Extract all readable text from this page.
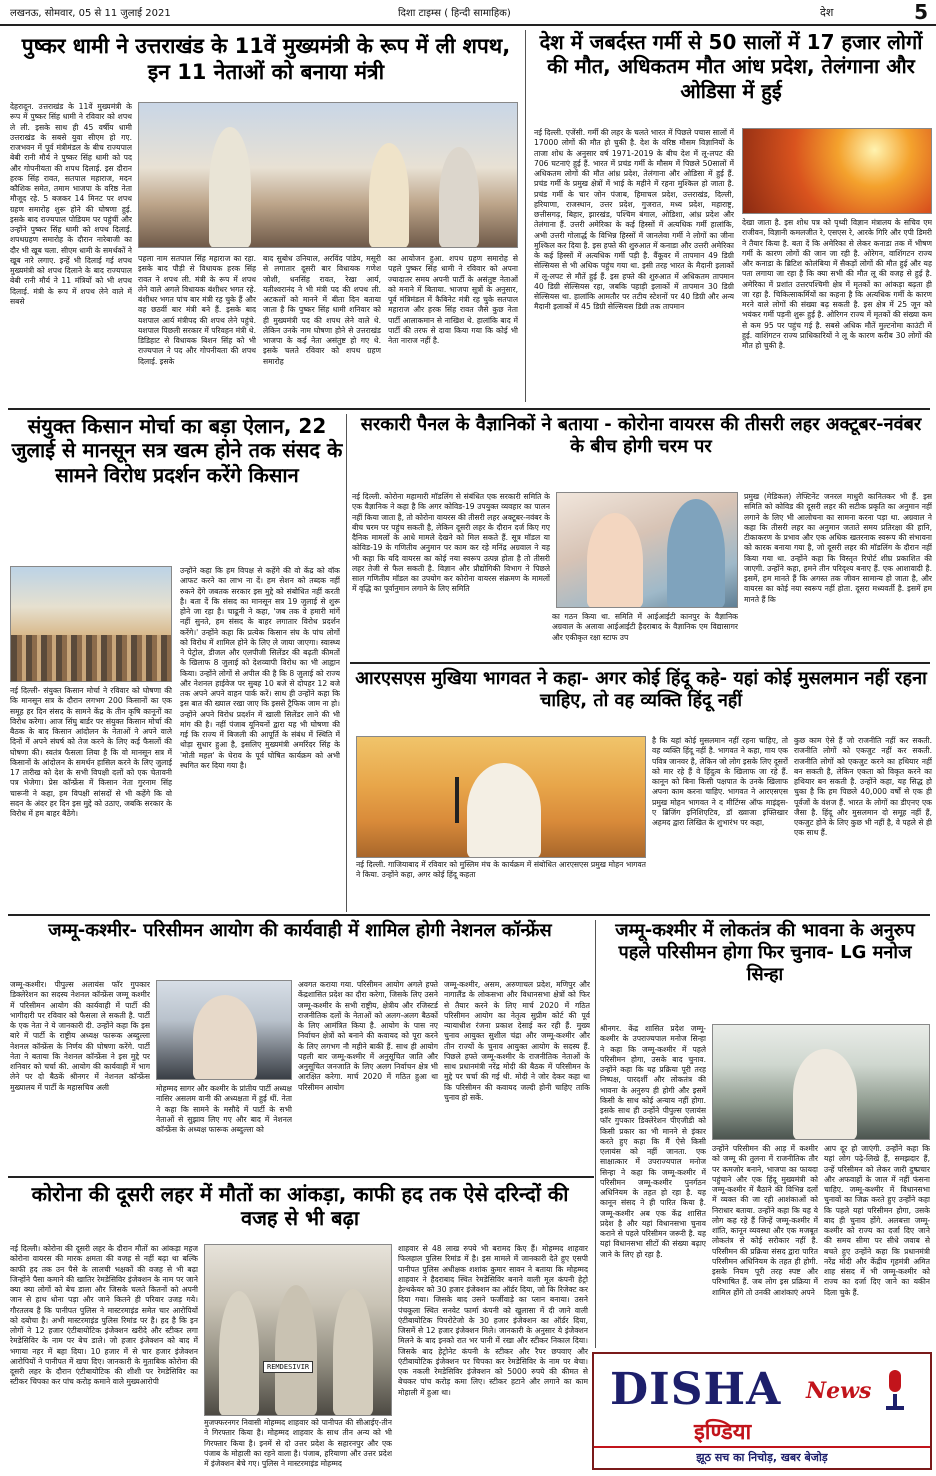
लखनऊ, सोमवार, 05 से 11 जुलाई 2021	दिशा टाइम्स ( हिन्दी सामाहिक)	देश	5
पुष्कर धामी ने उत्तराखंड के 11वें मुख्यमंत्री के रूप में ली शपथ, इन 11 नेताओं को बनाया मंत्री
देहरादून. उत्तराखंड के 11वें मुख्यमंत्री के रूप में पुष्कर सिंह धामी ने रविवार को शपथ ले ली. इसके साथ ही 45 वर्षीय धामी उत्तराखंड के सबसे युवा सीएम हो गए. राजभवन में पूर्व मंत्रीमंडल के बीच राज्यपाल बेबी रानी मौर्य ने पुष्कर सिंह धामी को पद और गोपनीयता की शपथ दिलाई. इस दौरान हरक सिंह रावत, सतपाल महाराज, मदन कौशिक समेत, तमाम भाजपा के वरिष्ठ नेता मौजूद रहे. 5 बजकर 14 मिनट पर शपथ ग्रहण समारोह शुरू होने की घोषणा हुई. इसके बाद राज्यपाल पोडियम पर पहुंचीं और उन्होंने पुष्कर सिंह धामी को शपथ दिलाई. शपथग्रहण समारोह के दौरान नारेबाजी का दौर भी खूब चला. सीएम धामी के समर्थकों ने खूब नारे लगाए. इन्हें भी दिलाई गई शपथ मुख्यमंत्री को शपथ दिलाने के बाद राज्यपाल बेबी रानी मौर्य ने 11 मंत्रियों को भी शपथ दिलाई. मंत्री के रूप में शपथ लेने वाले में सबसे
पहला नाम सतपाल सिंह महाराज का रहा. इसके बाद पौड़ी से विधायक हरक सिंह रावत ने शपथ ली. मंत्री के रूप में शपथ लेने वाले अगले विधायक बंशीधर भगत रहे. बंशीधर भगत पांच बार मंत्री रह चुके हैं और वह छठवीं बार मंत्री बने हैं. इसके बाद यशपाल आर्य मंत्रीपद की शपथ लेने पहुंचे. यशपाल पिछली सरकार में परिवहन मंत्री थे. डिडिहाट से विधायक बिशन सिंह को भी राज्यपाल ने पद और गोपनीयता की शपथ दिलाई. इसके
बाद सुबोध उनियाल, अरविंद पांडेय, मसूरी से लगातार दूसरी बार विधायक गणेश जोशी, धनसिंह रावत, रेखा आर्य, यतीश्वरानंद ने भी मंत्री पद की शपथ ली. अटकलों को मानने में बीता दिन बताया जाता है कि पुष्कर सिंह धामी शनिवार को ही मुख्यमंत्री पद की शपथ लेने वाले थे. लेकिन उनके नाम घोषणा होने से उत्तराखंड भाजपा के कई नेता असंतुष्ट हो गए थे. इसके चलते रविवार को शपथ ग्रहण समारोह
का आयोजन हुआ. शपथ ग्रहण समारोह से पहले पुष्कर सिंह धामी ने रविवार को अपना ज्यादातर समय अपनी पार्टी के असंतुष्ट नेताओं को मनाने में बिताया. भाजपा सूत्रों के अनुसार, पूर्व मंत्रिमंडल में कैबिनेट मंत्री रह चुके सतपाल महाराज और हरक सिंह रावत जैसे कुछ नेता पार्टी आलाकमान से नाखिश थे. हालांकि बाद में पार्टी की तरफ से दावा किया गया कि कोई भी नेता नाराज नहीं है.
देश में जबर्दस्त गर्मी से 50 सालों में 17 हजार लोगों की मौत, अधिकतम मौत आंध प्रदेश, तेलंगाना और ओडिसा में हुई
नई दिल्ली. एजेंसी. गर्मी की लहर के चलते भारत में पिछले पचास सालों में 17000 लोगों की मौत हो चुकी है. देश के वरिष्ठ मौसम विज्ञानियों के ताजा शोध के अनुसार वर्ष 1971-2019 के बीच देश में लू-लपट की 706 घटनाएं हुई हैं. भारत में प्रचंड गर्मी के मौसम में पिछले 50सालों में अधिकतम लोगों की मौत आंध्र प्रदेश, तेलंगाना और ओडिसा में हुई हैं. प्रचंड गर्मी के प्रमुख क्षेत्रों में भाई के महीने में रहना मुश्किल हो जाता है. प्रचंड गर्मी के चार जोन पंजाब, हिमाचल प्रदेश, उत्तराखंड, दिल्ली, हरियाणा, राजस्थान, उत्तर प्रदेश, गुजरात, मध्य प्रदेश, महाराष्ट्र, छत्तीसगढ़, बिहार, झारखंड, पश्चिम बंगाल, ओडिशा, आंध्र प्रदेश और तेलंगाना हैं. उत्तरी अमेरिका के कई हिस्सों में अत्यधिक गर्मी हालांकि, अभी उत्तरी गोलार्द्ध के विभिन्न हिस्सों में जानलेवा गर्मी ने लोगों का जीना मुश्किल कर दिया है. इस हफ्ते की शुरुआत में कनाडा और उत्तरी अमेरिका के कई हिस्सों में अत्यधिक गर्मी पड़ी है. वैंकूवर में तापमान 49 डिग्री सेल्सियस से भी अधिक पहुंच गया था. इसी तरह भारत के मैदानी इलाकों में लू-लपट से मौतें हुई हैं. इस हफ्ते की शुरुआत में अधिकतम तापमान 40 डिग्री सेल्सियस रहा, जबकि पहाड़ी इलाकों में तापमान 30 डिग्री सेल्सियस था. हालांकि आमतौर पर तटीय स्टेशनों पर 40 डिग्री और अन्य मैदानी इलाकों में 45 डिग्री सेल्सियस डिग्री तक तापमान
देखा जाता है. इस शोध पत्र को पृथ्वी विज्ञान मंत्रालय के सचिव एम राजीवन, विज्ञानी कमलजीत रे, एसएस रे, आरके गिरि और एपी डिमरी ने तैयार किया है. बता दें कि अमेरिका से लेकर कनाडा तक में भीषण गर्मी के कारण लोगों की जान जा रही है. ओरेगन, वाशिंगटन राज्य और कनाडा के ब्रिटिश कोलंबिया में सैकड़ों लोगों की मौत हुई और यह पता लगाया जा रहा है कि क्या सभी की मौत लू की वजह से हुई है. अमेरिका में प्रशांत उत्तरपश्चिमी क्षेत्र में मृतकों का आंकड़ा बढ़ता ही जा रहा है. चिकित्साकर्मियों का कहना है कि अत्यधिक गर्मी के कारण मरने वाले लोगों की संख्या बढ़ सकती है. इस क्षेत्र में 25 जून को भयंकर गर्मी पड़नी शुरू हुई है. ओरिगन राज्य में मृतकों की संख्या कम से कम 95 पर पहुंच गई है. सबसे अधिक मौतें मुल्टनोमा काउंटी में हुई. वाशिंगटन राज्य प्राधिकारियों ने लू के कारण करीब 30 लोगों की मौत हो चुकी है.
संयुक्त किसान मोर्चा का बड़ा ऐलान, 22 जुलाई से मानसून सत्र खत्म होने तक संसद के सामने विरोध प्रदर्शन करेंगे किसान
नई दिल्ली- संयुक्त किसान मोर्चा ने रविवार को घोषणा की कि मानसून सत्र के दौरान लगभग 200 किसानों का एक समूह हर दिन संसद के सामने केंद्र के तीन कृषि कानूनों का विरोध करेगा। आज सिंघु बार्डर पर संयुक्त किसान मोर्चा की बैठक के बाद किसान आंदोलन के नेताओं ने अपने वाले दिनों में अपने संघर्ष को तेज करने के लिए कई फैसलों की घोषणा की। स्वतंत्र फैसला लिया है कि वो मानसून सत्र में किसानों के आंदोलन के समर्थन हासिल करने के लिए जुलाई 17 तारीख को देश के सभी विपक्षी दलों को एक चेतावनी पत्र भेजेगा। प्रेस कॉन्फ्रेंस में किसान नेता गुरनाम सिंह चारूनी ने कहा, हम विपक्षी सांसदों से भी कहेंगे कि वो सदन के अंदर हर दिन इस मुद्दे को उठाए, जबकि सरकार के विरोध में हम बाहर बैठेंगे।
उन्होंने कहा कि हम विपक्ष से कहेंगे की वो केंद्र को वॉक आफट करने का लाभ ना दें। हम सेशन को तब्दक नहीं रुकने देंगे जबतक सरकार इस मुद्दे को संबोधित नहीं करती है। बता दें कि संसद का मानसून सत्र 19 जुलाई से शुरू होने जा रहा है। चाढूनी ने कहा, 'जब तक वे हमारी मांगें नहीं सुनते, हम संसद के बाहर लगातार विरोध प्रदर्शन करेंगे।' उन्होंने कहा कि प्रत्येक किसान संघ के पांच लोगों को विरोध में शामिल होने के लिए ले जाया जाएगा। स्वास्थ्य ने पेट्रोल, डीजल और एलपीजी सिलेंडर की बढ़ती कीमतों के खिलाफ 8 जुलाई को देशव्यापी विरोध का भी आह्वान किया। उन्होंने लोगों से अपील की है कि 8 जुलाई को राज्य और नेशनल हाईवेज पर सुबह 10 बजे से दोपहर 12 बजे तक अपने अपने वाहन पार्क करें। साथ ही उन्होंने कहा कि इस बात की ख्याल रखा जाए कि इससे ट्रैफिक जाम ना हो। उन्होंने अपने विरोध प्रदर्शन में खाली सिलेंडर लाने की भी मांग की है। नहीं पंजाब यूनियनों द्वारा यह भी घोषणा की गई कि राज्य में बिजली की आपूर्ति के संबंध में स्थिति में थोड़ा सुधार हुआ है, इसलिए मुख्यमंत्री अमरिंदर सिंह के 'मोती महल' के घेराव के पूर्व घोषित कार्यक्रम को अभी स्थगित कर दिया गया है।
सरकारी पैनल के वैज्ञानिकों ने बताया - कोरोना वायरस की तीसरी लहर अक्टूबर-नवंबर के बीच होगी चरम पर
नई दिल्ली. कोरोना महामारी मॉडलिंग से संबंधित एक सरकारी समिति के एक वैज्ञानिक ने कहा है कि अगर कोविड-19 उपयुक्त व्यवहार का पालन नहीं किया जाता है, तो कोरोना वायरस की तीसरी लहर अक्टूबर-नवंबर के बीच चरम पर पहुंच सकती है, लेकिन दूसरी लहर के दौरान दर्ज किए गए दैनिक मामलों के आधे मामले देखने को मिल सकते हैं. सूत्र मॉडल या कोविड-19 के गणितीय अनुमान पर काम कर रहे मनिंद्र अग्रवाल ने यह भी कहा कि यदि वायरस का कोई नया स्वरूप उत्पन्न होता है तो तीसरी लहर तेजी से फैल सकती है. विज्ञान और प्रौद्योगिकी विभाग ने पिछले साल गणितीय मॉडल का उपयोग कर कोरोना वायरस संक्रमण के मामलों में वृद्धि का पूर्वानुमान लगाने के लिए समिति
का गठन किया था. समिति में आईआईटी कानपुर के वैज्ञानिक अग्रवाल के अलावा आईआईटी हैदराबाद के वैज्ञानिक एम विद्यासागर और एकीकृत रक्षा स्टाफ उप
प्रमुख (मेडिकल) लेफ्टिनेंट जनरल माधुरी कानितकर भी हैं. इस समिति को कोविड की दूसरी लहर की सटीक प्रकृति का अनुमान नहीं लगाने के लिए भी आलोचना का सामना करना पड़ा था. अग्रवाल ने कहा कि तीसरी लहर का अनुमान जताते समय प्रतिरक्षा की हानि, टीकाकरण के प्रभाव और एक अधिक खतरनाक स्वरूप की संभावना को कारक बनाया गया है, जो दूसरी लहर की मॉडलिंग के दौरान नहीं किया गया था. उन्होंने कहा कि विस्तृत रिपोर्ट शीघ्र प्रकाशित की जाएगी. उन्होंने कहा, हमने तीन परिदृश्य बनाए हैं. एक आशावादी है. इसमें, हम मानते हैं कि अगस्त तक जीवन सामान्य हो जाता है, और वायरस का कोई नया स्वरूप नहीं होता. दूसरा मध्यवर्ती है. इसमें हम मानते हैं कि
आरएसएस मुखिया भागवत ने कहा- अगर कोई हिंदू कहे- यहां कोई मुसलमान नहीं रहना चाहिए, तो वह व्यक्ति हिंदू नहीं
नई दिल्ली. गाजियाबाद में रविवार को मुस्लिम मंच के कार्यक्रम में संबोधित आरएसएस प्रमुख मोहन भागवत ने किया. उन्होंने कहा, अगर कोई हिंदू कहता
है कि यहां कोई मुसलमान नहीं रहना चाहिए, तो वह व्यक्ति हिंदू नहीं है. भागवत ने कहा, गाय एक पवित्र जानवर है, लेकिन जो लोग इसके लिए दूसरों को मार रहे हैं वे हिंदुत्व के खिलाफ जा रहे हैं. कानून को बिना किसी पक्षपात के उनके खिलाफ अपना काम करना चाहिए. भागवत ने आरएसएस प्रमुख मोहन भागवत ने द मीटिंग्स ऑफ माइंड्स- ए ब्रिजिंग इनिशिएटिव, डॉ ख्वाजा इफ्तिखार अहमद द्वारा लिखित के शुभारंभ पर कहा,
कुछ काम ऐसे हैं जो राजनीति नहीं कर सकती. राजनीति लोगों को एकजुट नहीं कर सकती. राजनीति लोगों को एकजुट करने का हथियार नहीं बन सकती है, लेकिन एकता को विकृत करने का हथियार बन सकती है. उन्होंने कहा, यह सिद्ध हो चुका है कि हम पिछले 40,000 वर्षों से एक ही पूर्वजों के वंशज हैं. भारत के लोगों का डीएनए एक जैसा है. हिंदू और मुसलमान दो समूह नहीं हैं, एकजुट होने के लिए कुछ भी नहीं है, वे पहले से ही एक साथ हैं.
जम्मू-कश्मीर- परिसीमन आयोग की कार्यवाही में शामिल होगी नेशनल कॉन्फ्रेंस
जम्मू-कश्मीर। पीपुल्स अलायंस फॉर गुपकार डिक्लेरेशन का सदस्य नेशनल कॉन्फ्रेंस जम्मू कश्मीर में परिसीमन आयोग की कार्यवाही में पार्टी की भागीदारी पर रविवार को फैसला ले सकती है. पार्टी के एक नेता ने ये जानकारी दी. उन्होंने कहा कि इस बारे में पार्टी के राष्ट्रीय अध्यक्ष फारूक अब्दुल्ला नेशनल कॉन्फ्रेंस के निर्णय की घोषणा करेंगे. पार्टी नेता ने बताया कि नेशनल कॉन्फ्रेंस ने इस मुद्दे पर शनिवार को चर्चा की. आयोग की कार्यवाही में भाग लेने पर दो बैठकें श्रीनगर में नेशनल कॉन्फ्रेंस मुख्यालय में पार्टी के महासचिव अली	मोहम्मद सागर और कश्मीर के प्रांतीय पार्टी अध्यक्ष नासिर असलम वानी की अध्यक्षता में हुई थीं. नेता ने कहा कि सामने के मसौदे में पार्टी के सभी नेताओं से सुझाव लिए गए और बाद में नेशनल कॉन्फ्रेंस के अध्यक्ष फारूक अब्दुल्ला को
अवगत कराया गया. परिसीमन आयोग अगले हफ्ते केंद्रशासित प्रदेश का दौरा करेगा, जिसके लिए उसने जम्मू-कश्मीर के सभी राष्ट्रीय, क्षेत्रीय और रजिस्टर्ड राजनीतिक दलों के नेताओं को अलग-अलग बैठकों के लिए आमंत्रित किया है. आयोग के पास नए निर्वाचन क्षेत्रों को बनाने की कवायद को पूरा करने के लिए लगभग नौ महीने बाकी हैं. साथ ही आयोग पहली बार जम्मू-कश्मीर में अनुसूचित जाति और अनुसूचित जनजाति के लिए अलग निर्वाचन क्षेत्र भी आरक्षित करेगा. मार्च 2020 में गठित हुआ था परिसीमन आयोग
जम्मू-कश्मीर, असम, अरुणाचल प्रदेश, मणिपुर और नागालैंड के लोकसभा और विधानसभा क्षेत्रों को फिर से तैयार करने के लिए मार्च 2020 में गठित परिसीमन आयोग का नेतृत्व सुप्रीम कोर्ट की पूर्व न्यायाधीश रंजना प्रकाश देसाई कर रही हैं. मुख्य चुनाव आयुक्त सुशील चंद्रा और जम्मू-कश्मीर और तीन राज्यों के चुनाव आयुक्त आयोग के सदस्य हैं. पिछले हफ्ते जम्मू-कश्मीर के राजनीतिक नेताओं के साथ प्रधानमंत्री नरेंद्र मोदी की बैठक में परिसीमन के मुद्दे पर चर्चा की गई थी. मोदी ने जोर देकर कहा था कि परिसीमन की कवायद जल्दी होनी चाहिए ताकि चुनाव हो सकें.
जम्मू-कश्मीर में लोकतंत्र की भावना के अनुरुप पहले परिसीमन होगा फिर चुनाव- LG मनोज सिन्हा
श्रीनगर. केंद्र शासित प्रदेश जम्मू-कश्मीर के उपराज्यपाल मनोज सिन्हा ने कहा कि जम्मू-कश्मीर में पहले परिसीमन होगा, उसके बाद चुनाव. उन्होंने कहा कि यह प्रक्रिया पूरी तरह निष्पक्ष, पारदर्शी और लोकतंत्र की भावना के अनुरुप ही होगी और इसमें किसी के साथ कोई अन्याय नहीं होगा. इसके साथ ही उन्होंने पीपुल्स एलायंस फॉर गुपकार डिक्लेरेशन पीएजीडी को किसी प्रकार का भी मानने से इंकार करते हुए कहा कि मैं ऐसे किसी एलायंस को नहीं जानता. एक साक्षात्कार में उपराज्यपाल मनोज सिन्हा ने कहा कि जम्मू-कश्मीर में परिसीमन जम्मू-कश्मीर पुनर्गठन अधिनियम के तहत हो रहा है. यह कानून संसद ने ही पारित किया है. जम्मू-कश्मीर अब एक केंद्र शासित प्रदेश है और यहां विधानसभा चुनाव कराने से पहले परिसीमन जरूरी है. यह यहां विधानसभा सीटों की संख्या बढ़ाए जाने के लिए हो रहा है.
उन्होंने परिसीमन की आड़ में कश्मीर को जम्मू की तुलना में राजनीतिक तौर पर कमजोर बनाने, भाजपा का फायदा पहुंचाने और एक हिंदू मुख्यमंत्री को जम्मू-कश्मीर में बैठाने की विभिन्न दलों में व्यक्त की जा रही आशंकाओं को निराधार बताया. उन्होंने कहा कि यह ये लोग कह रहे हैं जिन्हें जम्मू-कश्मीर में शांति, कानून व्यवस्था और एक मजबूत लोकतंत्र से कोई सरोकार नहीं है. परिसीमन की प्रक्रिया संसद द्वारा पारित परिसीमन अधिनियम के तहत ही होगी. इसके नियम पूरी तरह स्पष्ट और परिभाषित हैं. जब लोग इस प्रक्रिया में शामिल होंगे तो उनकी आशंकाएं अपने
आप दूर हो जाएंगी. उन्होंने कहा कि यहां लोग पढ़े-लिखे हैं, समझदार हैं, उन्हें परिसीमन को लेकर जारी दुष्प्रचार और अफवाहों के जाल में नहीं फंसना चाहिए. जम्मू-कश्मीर में विधानसभा चुनावों का जिक्र करते हुए उन्होंने कहा कि पहले यहां परिसीमन होगा, उसके बाद ही चुनाव होंगे. अलबत्ता जम्मू-कश्मीर को राज्य का दर्जा दिए जाने की समय सीमा पर सीधे जवाब से बचते हुए उन्होंने कहा कि प्रधानमंत्री नरेंद्र मोदी और केंद्रीय गृहमंत्री अमित शाह संसद में भी जम्मू-कश्मीर को राज्य का दर्जा दिए जाने का यकीन दिला चुके हैं.
कोरोना की दूसरी लहर में मौतों का आंकड़ा, काफी हद तक ऐसे दरिन्दों की वजह से भी बढ़ा
नई दिल्ली। कोरोना की दूसरी लहर के दौरान मौतों का आंकड़ा महज कोरोना वायरस की मारक क्षमता की वजह से नहीं बढ़ा था बल्कि काफी हद तक उन पैसे के लालची भक्षकों की वजह से भी बढ़ा जिन्होंने पैसा कमाने की खातिर रेमडेसिविर इंजेक्शन के नाम पर जाने क्या क्या लोगों को बेच डाला और जिसके चलते कितनों को अपनी जान से हाथ धोना पड़ा और जाने कितने ही परिवार उजड़ गये। गौरतलब है कि पानीपत पुलिस ने मास्टरमाइंड समेत चार आरोपियों को दबोचा है। अभी मास्टरमाइंड पुलिस रिमांड पर है। हद है कि इन लोगों ने 12 हजार एंटीबायोटिक इंजेक्शन खरीदे और स्टीकर लगा रेमडेसिविर के नाम पर बेच डाले। जो हजार इंजेक्शन को बाद में भगाया नहर में बहा दिया। 10 हजार में से चार हजार इंजेक्शन आरोपियों ने पानीपत में खपा दिए। जानकारी के मुताबिक कोरोना की दूसरी लहर के दौरान एंटीबायोटिक की शीशी पर रेमडेसिविर का स्टीकर चिपका कर पांच करोड़ कमाने वाले मुख्यआरोपी
REMDESIVIR
मुजफ्फरनगर निवासी मोहम्मद शाहवार को पानीपत की सीआईए-तीन ने गिरफ्तार किया है। मोहम्मद शाहवार के साथ तीन अन्य को भी गिरफ्तार किया है। इनमें से दो उत्तर प्रदेश के सहारनपुर और एक पंजाब के मोहाली का रहने वाला है। पंजाब, हरियाणा और उत्तर प्रदेश में इंजेक्शन बेचे गए। पुलिस ने मास्टरमाइंड मोहम्मद
शाहवार से 48 लाख रुपये भी बरामद किए हैं। मोहम्मद शाहवार फिलहाल पुलिस रिमांड में है। इस मामले में जानकारी देते हुए एसपी पानीपत पुलिस अधीक्षक शशांक कुमार सावन ने बताया कि मोहम्मद शाहवार ने हैदराबाद स्थित रेमडेसिविर बनाने वाली मूल कंपनी हेट्रो हेल्थकेयर को 30 हजार इंजेक्शन का ऑर्डर दिया, जो कि रिजेक्ट कर दिया गया। जिसके बाद उसने फर्जीवाड़े का प्लान बनाया। उसने पंचकूला स्थित सनवेट फार्मा कंपनी को खुलासा में दी जाने वाली एंटीबायोटिक पिपरोटेजो के 30 हजार इंजेक्शन का ऑर्डर दिया, जिसमें से 12 हजार इंजेक्शन मिले। जानकारी के अनुसार ये इंजेक्शन मिलने के बाद इनको रात भर पानी में रखा और स्टीकर निकाल दिया। जिसके बाद हेट्रोनेट कंपनी के स्टीकर और रैपर छपवाए और एंटीबायोटिक इंजेक्शन पर चिपका कर रेमडेसिविर के नाम पर बेचा। एक नकली रेमडेसिविर इंजेक्शन को 5000 रुपये की कीमत से बेचकर पांच करोड़ कमा लिए। स्टीकर हटाने और लगाने का काम मोहाली में हुआ था।	DISHA News
इण्डिया
झूठ सच का निचोड़, खबर बेजोड़
